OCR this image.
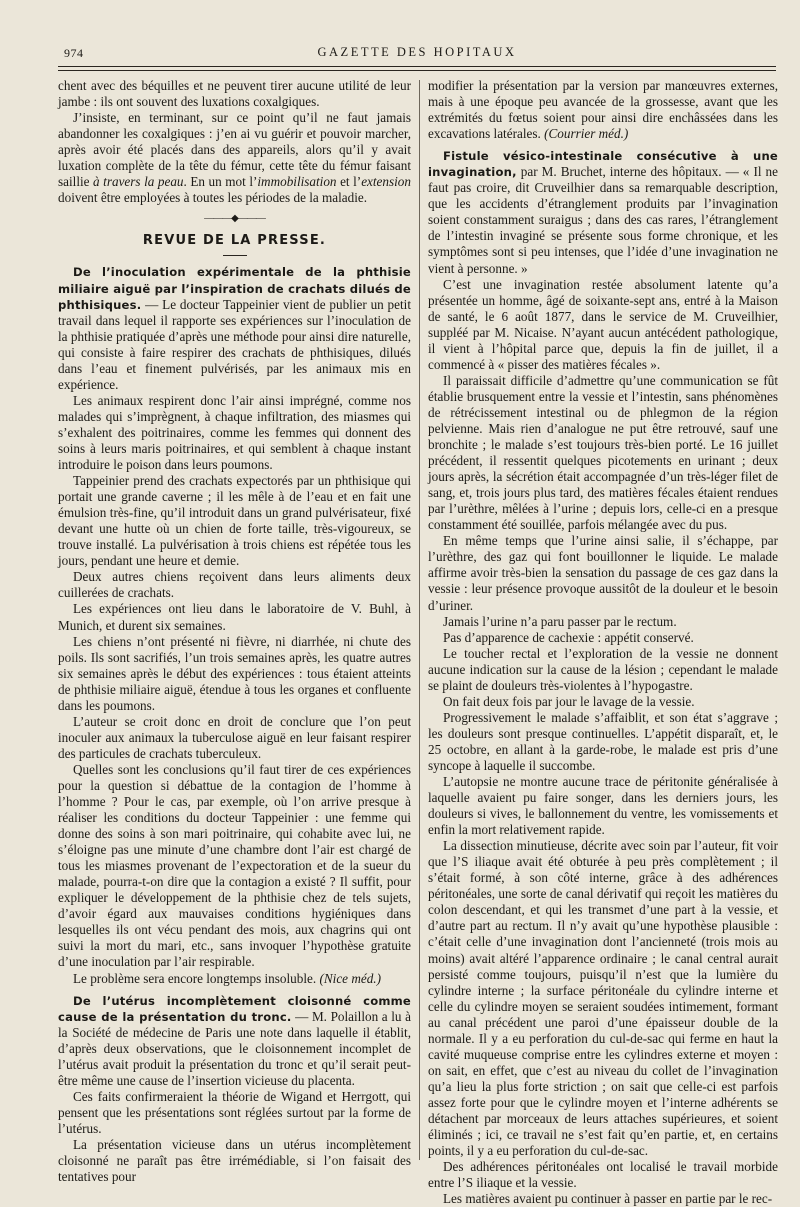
974	GAZETTE DES HOPITAUX

chent avec des béquilles et ne peuvent tirer aucune utilité de leur jambe : ils ont souvent des luxations coxalgiques.

J’insiste, en terminant, sur ce point qu’il ne faut jamais abandonner les coxalgiques : j’en ai vu guérir et pouvoir marcher, après avoir été placés dans des appareils, alors qu’il y avait luxation complète de la tête du fémur, cette tête du fémur faisant saillie à travers la peau. En un mot l’immobilisation et l’extension doivent être employées à toutes les périodes de la maladie.

———◆———
REVUE DE LA PRESSE.

De l’inoculation expérimentale de la phthisie miliaire aiguë par l’inspiration de crachats dilués de phthisiques. — Le docteur Tappeinier vient de publier un petit travail dans lequel il rapporte ses expériences sur l’inoculation de la phthisie pratiquée d’après une méthode pour ainsi dire naturelle, qui consiste à faire respirer des crachats de phthisiques, dilués dans l’eau et finement pulvérisés, par les animaux mis en expérience.

Les animaux respirent donc l’air ainsi imprégné, comme nos malades qui s’imprègnent, à chaque infiltration, des miasmes qui s’exhalent des poitrinaires, comme les femmes qui donnent des soins à leurs maris poitrinaires, et qui semblent à chaque instant introduire le poison dans leurs poumons.

Tappeinier prend des crachats expectorés par un phthisique qui portait une grande caverne ; il les mêle à de l’eau et en fait une émulsion très-fine, qu’il introduit dans un grand pulvérisateur, fixé devant une hutte où un chien de forte taille, très-vigoureux, se trouve installé. La pulvérisation à trois chiens est répétée tous les jours, pendant une heure et demie.

Deux autres chiens reçoivent dans leurs aliments deux cuillerées de crachats.

Les expériences ont lieu dans le laboratoire de V. Buhl, à Munich, et durent six semaines.

Les chiens n’ont présenté ni fièvre, ni diarrhée, ni chute des poils. Ils sont sacrifiés, l’un trois semaines après, les quatre autres six semaines après le début des expériences : tous étaient atteints de phthisie miliaire aiguë, étendue à tous les organes et confluente dans les poumons.

L’auteur se croit donc en droit de conclure que l’on peut inoculer aux animaux la tuberculose aiguë en leur faisant respirer des particules de crachats tuberculeux.

Quelles sont les conclusions qu’il faut tirer de ces expériences pour la question si débattue de la contagion de l’homme à l’homme ? Pour le cas, par exemple, où l’on arrive presque à réaliser les conditions du docteur Tappeinier : une femme qui donne des soins à son mari poitrinaire, qui cohabite avec lui, ne s’éloigne pas une minute d’une chambre dont l’air est chargé de tous les miasmes provenant de l’expectoration et de la sueur du malade, pourra-t-on dire que la contagion a existé ? Il suffit, pour expliquer le développement de la phthisie chez de tels sujets, d’avoir égard aux mauvaises conditions hygiéniques dans lesquelles ils ont vécu pendant des mois, aux chagrins qui ont suivi la mort du mari, etc., sans invoquer l’hypothèse gratuite d’une inoculation par l’air respirable.

Le problème sera encore longtemps insoluble. (Nice méd.)

De l’utérus incomplètement cloisonné comme cause de la présentation du tronc. — M. Polaillon a lu à la Société de médecine de Paris une note dans laquelle il établit, d’après deux observations, que le cloisonnement incomplet de l’utérus avait produit la présentation du tronc et qu’il serait peut-être même une cause de l’insertion vicieuse du placenta.

Ces faits confirmeraient la théorie de Wigand et Herrgott, qui pensent que les présentations sont réglées surtout par la forme de l’utérus.

La présentation vicieuse dans un utérus incomplètement cloisonné ne paraît pas être irrémédiable, si l’on faisait des tentatives pour

modifier la présentation par la version par manœuvres externes, mais à une époque peu avancée de la grossesse, avant que les extrémités du fœtus soient pour ainsi dire enchâssées dans les excavations latérales. (Courrier méd.)

Fistule vésico-intestinale consécutive à une invagination, par M. Bruchet, interne des hôpitaux. — « Il ne faut pas croire, dit Cruveilhier dans sa remarquable description, que les accidents d’étranglement produits par l’invagination soient constamment suraigus ; dans des cas rares, l’étranglement de l’intestin invaginé se présente sous forme chronique, et les symptômes sont si peu intenses, que l’idée d’une invagination ne vient à personne. »

C’est une invagination restée absolument latente qu’a présentée un homme, âgé de soixante-sept ans, entré à la Maison de santé, le 6 août 1877, dans le service de M. Cruveilhier, suppléé par M. Nicaise. N’ayant aucun antécédent pathologique, il vient à l’hôpital parce que, depuis la fin de juillet, il a commencé à « pisser des matières fécales ».

Il paraissait difficile d’admettre qu’une communication se fût établie brusquement entre la vessie et l’intestin, sans phénomènes de rétrécissement intestinal ou de phlegmon de la région pelvienne. Mais rien d’analogue ne put être retrouvé, sauf une bronchite ; le malade s’est toujours très-bien porté. Le 16 juillet précédent, il ressentit quelques picotements en urinant ; deux jours après, la sécrétion était accompagnée d’un très-léger filet de sang, et, trois jours plus tard, des matières fécales étaient rendues par l’urèthre, mêlées à l’urine ; depuis lors, celle-ci en a presque constamment été souillée, parfois mélangée avec du pus.

En même temps que l’urine ainsi salie, il s’échappe, par l’urèthre, des gaz qui font bouillonner le liquide. Le malade affirme avoir très-bien la sensation du passage de ces gaz dans la vessie : leur présence provoque aussitôt de la douleur et le besoin d’uriner.

Jamais l’urine n’a paru passer par le rectum.

Pas d’apparence de cachexie : appétit conservé.

Le toucher rectal et l’exploration de la vessie ne donnent aucune indication sur la cause de la lésion ; cependant le malade se plaint de douleurs très-violentes à l’hypogastre.

On fait deux fois par jour le lavage de la vessie.

Progressivement le malade s’affaiblit, et son état s’aggrave ; les douleurs sont presque continuelles. L’appétit disparaît, et, le 25 octobre, en allant à la garde-robe, le malade est pris d’une syncope à laquelle il succombe.

L’autopsie ne montre aucune trace de péritonite généralisée à laquelle avaient pu faire songer, dans les derniers jours, les douleurs si vives, le ballonnement du ventre, les vomissements et enfin la mort relativement rapide.

La dissection minutieuse, décrite avec soin par l’auteur, fit voir que l’S iliaque avait été obturée à peu près complètement ; il s’était formé, à son côté interne, grâce à des adhérences péritonéales, une sorte de canal dérivatif qui reçoit les matières du colon descendant, et qui les transmet d’une part à la vessie, et d’autre part au rectum. Il n’y avait qu’une hypothèse plausible : c’était celle d’une invagination dont l’ancienneté (trois mois au moins) avait altéré l’apparence ordinaire ; le canal central aurait persisté comme toujours, puisqu’il n’est que la lumière du cylindre interne ; la surface péritonéale du cylindre interne et celle du cylindre moyen se seraient soudées intimement, formant au canal précédent une paroi d’une épaisseur double de la normale. Il y a eu perforation du cul-de-sac qui ferme en haut la cavité muqueuse comprise entre les cylindres externe et moyen : on sait, en effet, que c’est au niveau du collet de l’invagination qu’a lieu la plus forte striction ; on sait que celle-ci est parfois assez forte pour que le cylindre moyen et l’interne adhérents se détachent par morceaux de leurs attaches supérieures, et soient éliminés ; ici, ce travail ne s’est fait qu’en partie, et, en certains points, il y a eu perforation du cul-de-sac.

Des adhérences péritonéales ont localisé le travail morbide entre l’S iliaque et la vessie.

Les matières avaient pu continuer à passer en partie par le rec-
